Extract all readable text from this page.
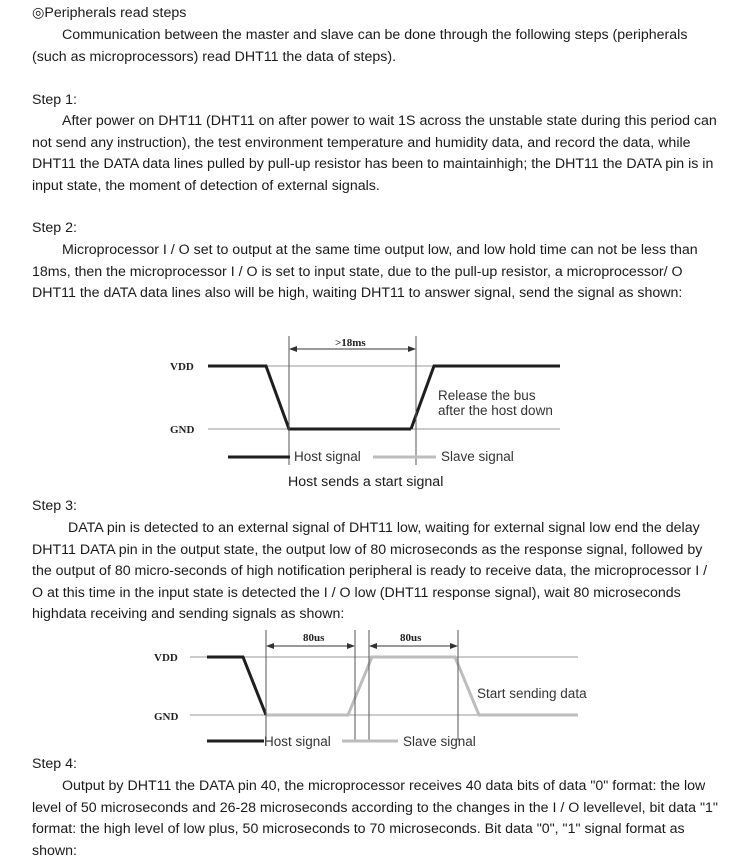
◎Peripherals read steps
Communication between the master and slave can be done through the following steps (peripherals (such as microprocessors) read DHT11 the data of steps).
Step 1:
After power on DHT11 (DHT11 on after power to wait 1S across the unstable state during this period can not send any instruction), the test environment temperature and humidity data, and record the data, while DHT11 the DATA data lines pulled by pull-up resistor has been to maintainhigh; the DHT11 the DATA pin is in input state, the moment of detection of external signals.
Step 2:
Microprocessor I / O set to output at the same time output low, and low hold time can not be less than 18ms, then the microprocessor I / O is set to input state, due to the pull-up resistor, a microprocessor/ O DHT11 the dATA data lines also will be high, waiting DHT11 to answer signal, send the signal as shown:
>18ms
VDD
GND
Release the bus
after the host down
Host signal	Slave signal
Host sends a start signal
Step 3:
DATA pin is detected to an external signal of DHT11 low, waiting for external signal low end the delay DHT11 DATA pin in the output state, the output low of 80 microseconds as the response signal, followed by the output of 80 micro-seconds of high notification peripheral is ready to receive data, the microprocessor I / O at this time in the input state is detected the I / O low (DHT11 response signal), wait 80 microseconds highdata receiving and sending signals as shown:
80us	80us
VDD
GND
Start sending data
Host signal	Slave signal
Step 4:
Output by DHT11 the DATA pin 40, the microprocessor receives 40 data bits of data "0" format: the low level of 50 microseconds and 26-28 microseconds according to the changes in the I / O levellevel, bit data "1" format: the high level of low plus, 50 microseconds to 70 microseconds. Bit data "0", "1" signal format as shown:
